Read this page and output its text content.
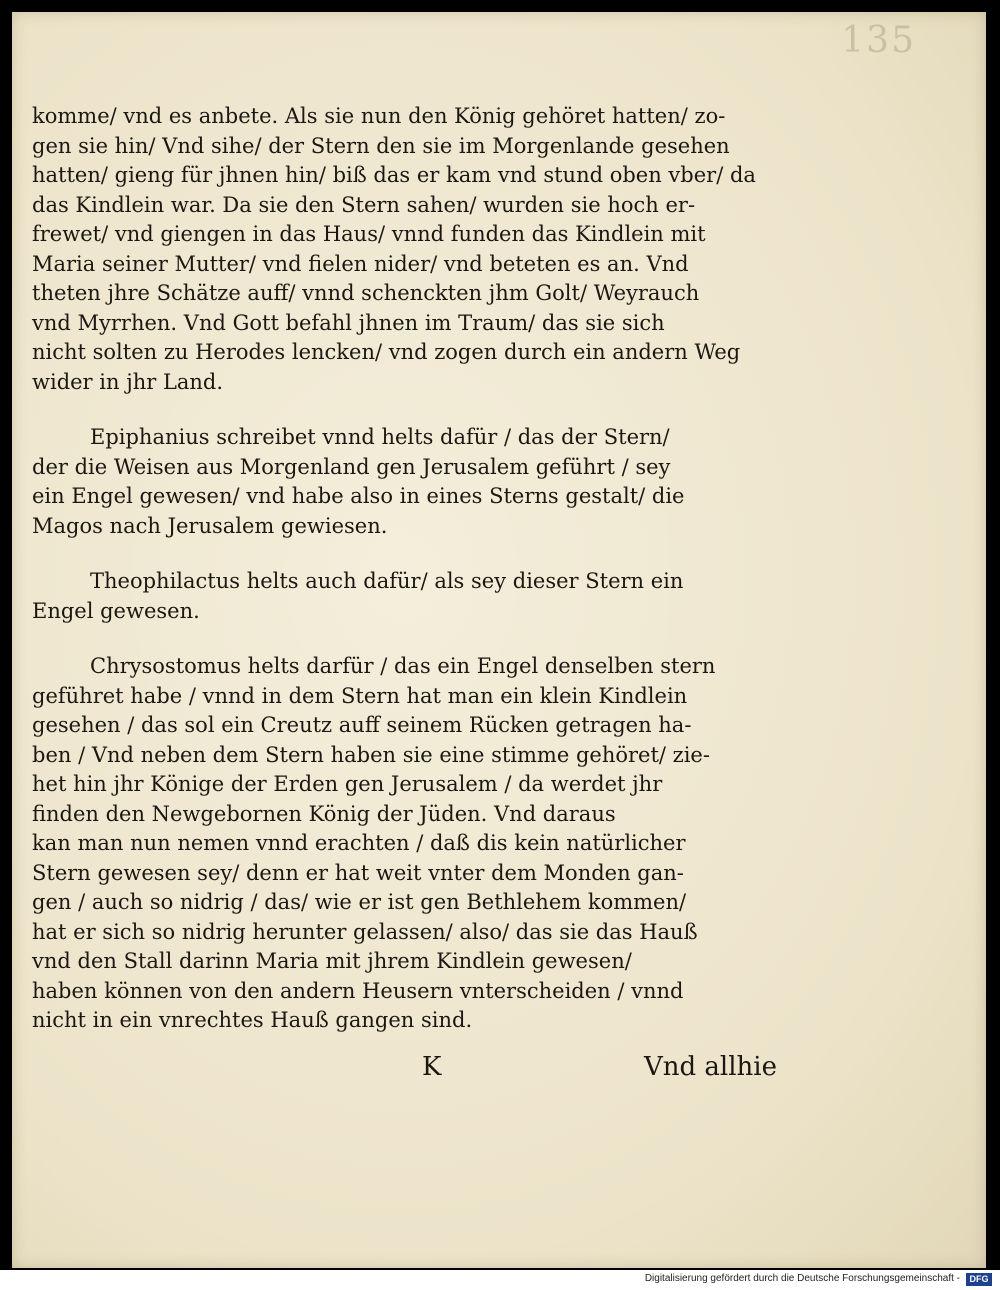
135
komme/ vnd es anbete. Als sie nun den König gehöret hatten/ zo-
gen sie hin/ Vnd sihe/ der Stern den sie im Morgenlande gesehen
hatten/ gieng für jhnen hin/ biß das er kam vnd stund oben vber/ da
das Kindlein war. Da sie den Stern sahen/ wurden sie hoch er-
frewet/ vnd giengen in das Haus/ vnnd funden das Kindlein mit
Maria seiner Mutter/ vnd fielen nider/ vnd beteten es an. Vnd
theten jhre Schätze auff/ vnnd schenckten jhm Golt/ Weyrauch
vnd Myrrhen. Vnd Gott befahl jhnen im Traum/ das sie sich
nicht solten zu Herodes lencken/ vnd zogen durch ein andern Weg
wider in jhr Land.
Epiphanius schreibet vnnd helts dafür / das der Stern/
der die Weisen aus Morgenland gen Jerusalem geführt / sey
ein Engel gewesen/ vnd habe also in eines Sterns gestalt/ die
Magos nach Jerusalem gewiesen.
Theophilactus helts auch dafür/ als sey dieser Stern ein
Engel gewesen.
Chrysostomus helts darfür / das ein Engel denselben stern
geführet habe / vnnd in dem Stern hat man ein klein Kindlein
gesehen / das sol ein Creutz auff seinem Rücken getragen ha-
ben / Vnd neben dem Stern haben sie eine stimme gehöret/ zie-
het hin jhr Könige der Erden gen Jerusalem / da werdet jhr
finden den Newgebornen König der Jüden. Vnd daraus
kan man nun nemen vnnd erachten / daß dis kein natürlicher
Stern gewesen sey/ denn er hat weit vnter dem Monden gan-
gen / auch so nidrig / das/ wie er ist gen Bethlehem kommen/
hat er sich so nidrig herunter gelassen/ also/ das sie das Hauß
vnd den Stall darinn Maria mit jhrem Kindlein gewesen/
haben können von den andern Heusern vnterscheiden / vnnd
nicht in ein vnrechtes Hauß gangen sind.
K	Vnd allhie
Digitalisierung gefördert durch die Deutsche Forschungsgemeinschaft -	DFG
